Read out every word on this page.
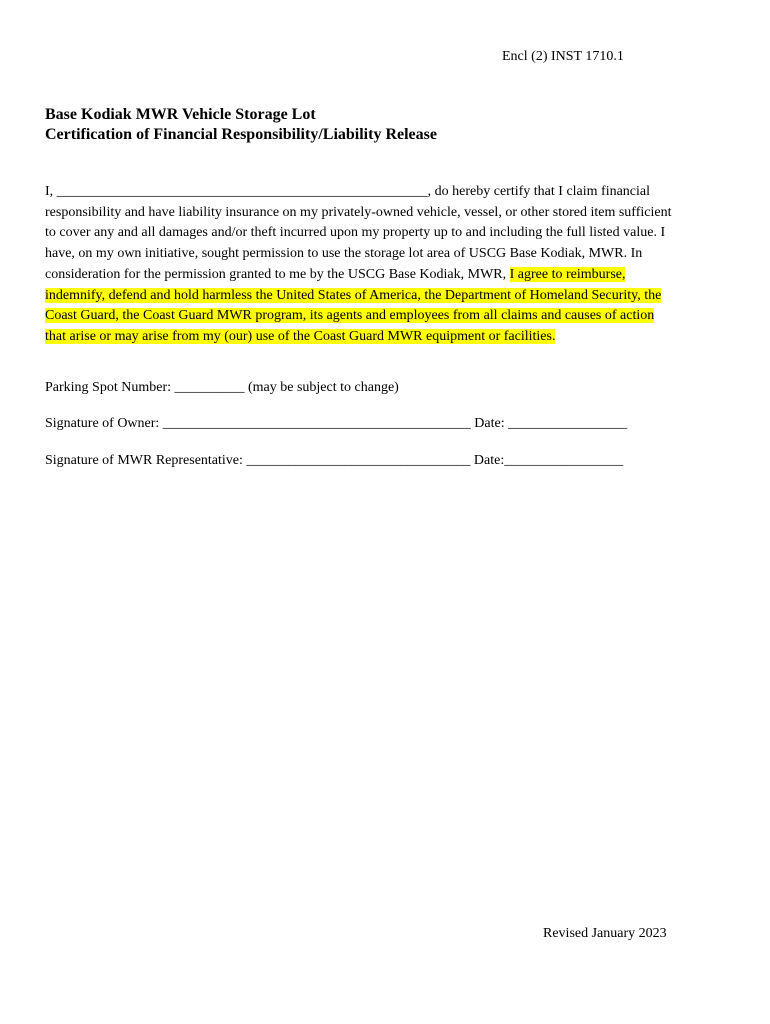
Encl (2) INST 1710.1
Base Kodiak MWR Vehicle Storage Lot
Certification of Financial Responsibility/Liability Release
I, _____________________________________________________, do hereby certify that I claim financial
responsibility and have liability insurance on my privately-owned vehicle, vessel, or other stored item sufficient
to cover any and all damages and/or theft incurred upon my property up to and including the full listed value. I
have, on my own initiative, sought permission to use the storage lot area of USCG Base Kodiak, MWR. In
consideration for the permission granted to me by the USCG Base Kodiak, MWR, I agree to reimburse,
indemnify, defend and hold harmless the United States of America, the Department of Homeland Security, the
Coast Guard, the Coast Guard MWR program, its agents and employees from all claims and causes of action
that arise or may arise from my (our) use of the Coast Guard MWR equipment or facilities.
Parking Spot Number: __________ (may be subject to change)
Signature of Owner: ____________________________________________ Date: _________________
Signature of MWR Representative: ________________________________ Date:_________________
Revised January 2023
